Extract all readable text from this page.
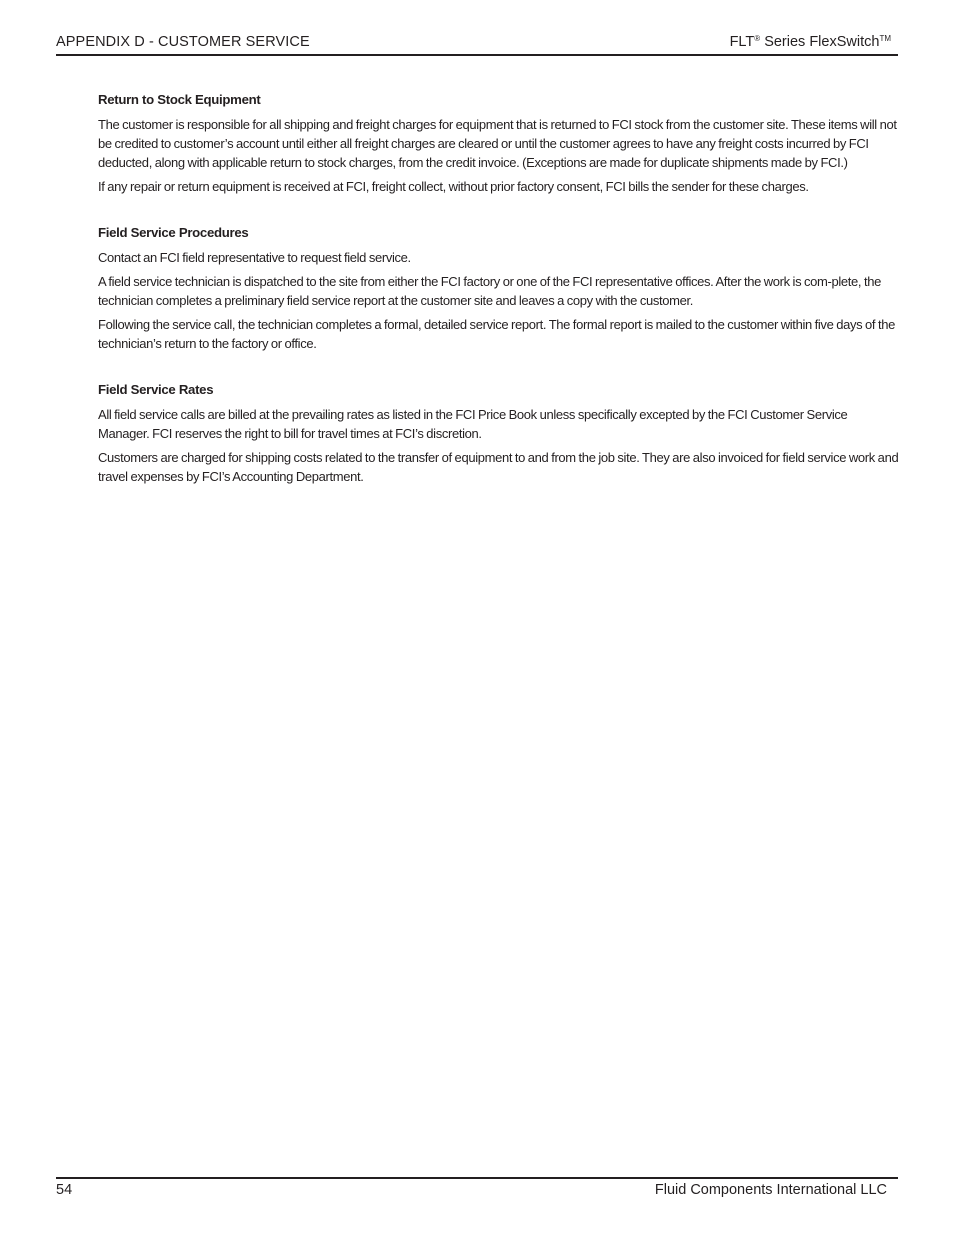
APPENDIX D - CUSTOMER SERVICE	FLT® Series FlexSwitch™
Return to Stock Equipment

The customer is responsible for all shipping and freight charges for equipment that is returned to FCI stock from the customer site. These items will not be credited to customer’s account until either all freight charges are cleared or until the customer agrees to have any freight costs incurred by FCI deducted, along with applicable return to stock charges, from the credit invoice. (Exceptions are made for duplicate shipments made by FCI.)

If any repair or return equipment is received at FCI, freight collect, without prior factory consent, FCI bills the sender for these charges.

Field Service Procedures

Contact an FCI field representative to request field service.

A field service technician is dispatched to the site from either the FCI factory or one of the FCI representative offices. After the work is com-plete, the technician completes a preliminary field service report at the customer site and leaves a copy with the customer.

Following the service call, the technician completes a formal, detailed service report. The formal report is mailed to the customer within five days of the technician’s return to the factory or office.

Field Service Rates

All field service calls are billed at the prevailing rates as listed in the FCI Price Book unless specifically excepted by the FCI Customer Service Manager. FCI reserves the right to bill for travel times at FCI’s discretion.

Customers are charged for shipping costs related to the transfer of equipment to and from the job site. They are also invoiced for field service work and travel expenses by FCI’s Accounting Department.

54	Fluid Components International LLC
